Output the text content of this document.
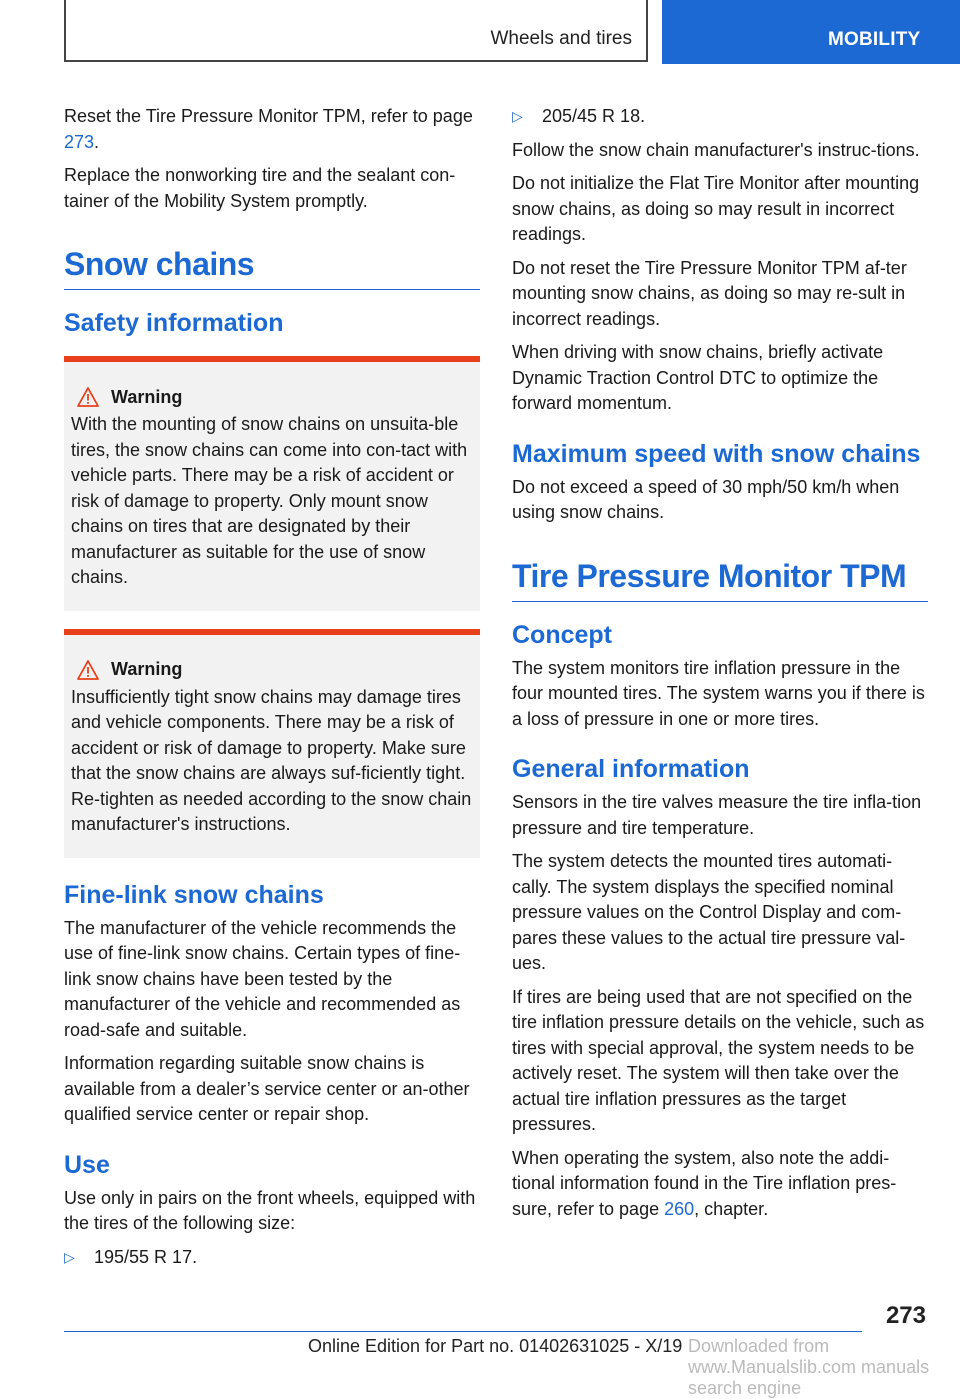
Wheels and tires	MOBILITY

Reset the Tire Pressure Monitor TPM, refer to page 273.

Replace the nonworking tire and the sealant con-tainer of the Mobility System promptly.

Snow chains
Safety information
Warning

With the mounting of snow chains on unsuita-ble tires, the snow chains can come into con-tact with vehicle parts. There may be a risk of accident or risk of damage to property. Only mount snow chains on tires that are designated by their manufacturer as suitable for the use of snow chains.

Warning

Insufficiently tight snow chains may damage tires and vehicle components. There may be a risk of accident or risk of damage to property. Make sure that the snow chains are always suf-ficiently tight. Re-tighten as needed according to the snow chain manufacturer's instructions.

Fine-link snow chains

The manufacturer of the vehicle recommends the use of fine-link snow chains. Certain types of fine-link snow chains have been tested by the manufacturer of the vehicle and recommended as road-safe and suitable.

Information regarding suitable snow chains is available from a dealer’s service center or an-other qualified service center or repair shop.

Use

Use only in pairs on the front wheels, equipped with the tires of the following size:

▷	195/55 R 17.
▷	205/45 R 18.

Follow the snow chain manufacturer's instruc-tions.

Do not initialize the Flat Tire Monitor after mounting snow chains, as doing so may result in incorrect readings.

Do not reset the Tire Pressure Monitor TPM af-ter mounting snow chains, as doing so may re-sult in incorrect readings.

When driving with snow chains, briefly activate Dynamic Traction Control DTC to optimize the forward momentum.

Maximum speed with snow chains

Do not exceed a speed of 30 mph/50 km/h when using snow chains.

Tire Pressure Monitor TPM
Concept

The system monitors tire inflation pressure in the four mounted tires. The system warns you if there is a loss of pressure in one or more tires.

General information

Sensors in the tire valves measure the tire infla-tion pressure and tire temperature.

The system detects the mounted tires automati-cally. The system displays the specified nominal pressure values on the Control Display and com-pares these values to the actual tire pressure val-ues.

If tires are being used that are not specified on the tire inflation pressure details on the vehicle, such as tires with special approval, the system needs to be actively reset. The system will then take over the actual tire inflation pressures as the target pressures.

When operating the system, also note the addi-tional information found in the Tire inflation pres-sure, refer to page 260, chapter.

273
Online Edition for Part no. 01402631025 - X/19 Downloaded from www.Manualslib.com manuals search engine
